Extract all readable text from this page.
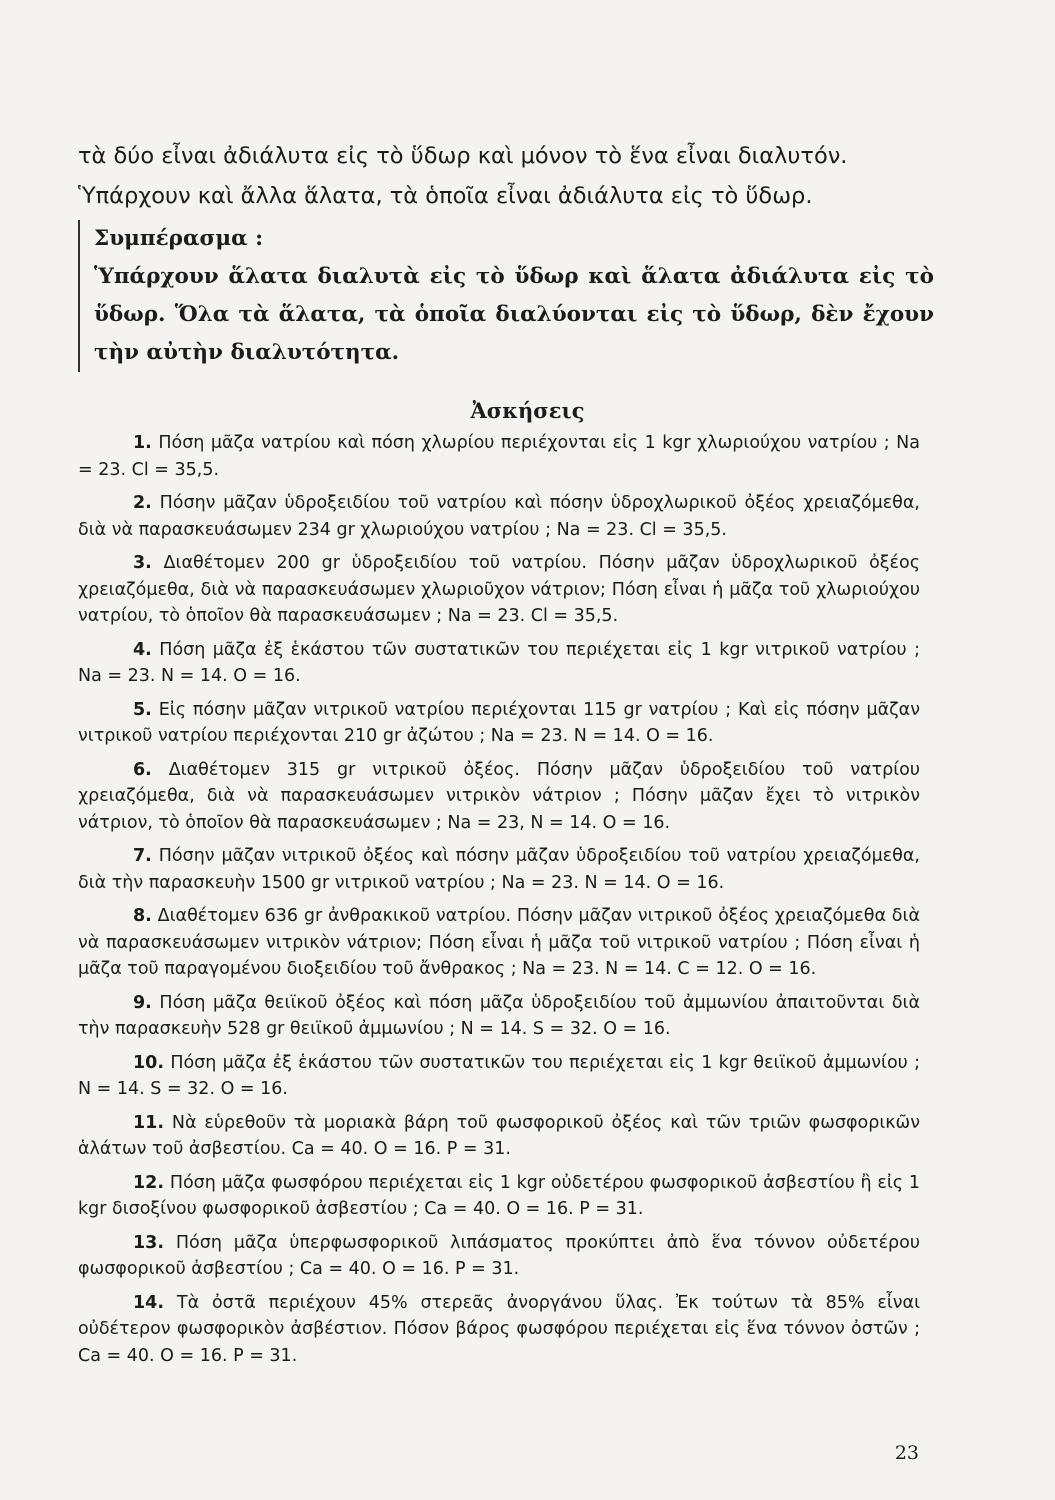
τὰ δύο εἶναι ἀδιάλυτα εἰς τὸ ὕδωρ καὶ μόνον τὸ ἕνα εἶναι διαλυτόν.

Ὑπάρχουν καὶ ἄλλα ἅλατα, τὰ ὁποῖα εἶναι ἀδιάλυτα εἰς τὸ ὕδωρ.

Συμπέρασμα :

Ὑπάρχουν ἅλατα διαλυτὰ εἰς τὸ ὕδωρ καὶ ἅλατα ἀδιάλυτα εἰς τὸ ὕδωρ. Ὅλα τὰ ἅλατα, τὰ ὁποῖα διαλύονται εἰς τὸ ὕδωρ, δὲν ἔχουν τὴν αὐτὴν διαλυτότητα.

Ἀσκήσεις
1. Πόση μᾶζα νατρίου καὶ πόση χλωρίου περιέχονται εἰς 1 kgr χλωριούχου νατρίου ; Na = 23. Cl = 35,5.
2. Πόσην μᾶζαν ὑδροξειδίου τοῦ νατρίου καὶ πόσην ὑδροχλωρικοῦ ὀξέος χρειαζόμεθα, διὰ νὰ παρασκευάσωμεν 234 gr χλωριούχου νατρίου ; Na = 23. Cl = 35,5.
3. Διαθέτομεν 200 gr ὑδροξειδίου τοῦ νατρίου. Πόσην μᾶζαν ὑδροχλωρικοῦ ὀξέος χρειαζόμεθα, διὰ νὰ παρασκευάσωμεν χλωριοῦχον νάτριον; Πόση εἶναι ἡ μᾶζα τοῦ χλωριούχου νατρίου, τὸ ὁποῖον θὰ παρασκευάσωμεν ; Na = 23. Cl = 35,5.
4. Πόση μᾶζα ἐξ ἑκάστου τῶν συστατικῶν του περιέχεται εἰς 1 kgr νιτρικοῦ νατρίου ; Na = 23. N = 14. O = 16.
5. Εἰς πόσην μᾶζαν νιτρικοῦ νατρίου περιέχονται 115 gr νατρίου ; Καὶ εἰς πόσην μᾶζαν νιτρικοῦ νατρίου περιέχονται 210 gr ἀζώτου ; Na = 23. N = 14. O = 16.
6. Διαθέτομεν 315 gr νιτρικοῦ ὀξέος. Πόσην μᾶζαν ὑδροξειδίου τοῦ νατρίου χρειαζόμεθα, διὰ νὰ παρασκευάσωμεν νιτρικὸν νάτριον ; Πόσην μᾶζαν ἔχει τὸ νιτρικὸν νάτριον, τὸ ὁποῖον θὰ παρασκευάσωμεν ; Na = 23, N = 14. O = 16.
7. Πόσην μᾶζαν νιτρικοῦ ὀξέος καὶ πόσην μᾶζαν ὑδροξειδίου τοῦ νατρίου χρειαζόμεθα, διὰ τὴν παρασκευὴν 1500 gr νιτρικοῦ νατρίου ; Na = 23. N = 14. O = 16.
8. Διαθέτομεν 636 gr ἀνθρακικοῦ νατρίου. Πόσην μᾶζαν νιτρικοῦ ὀξέος χρειαζόμεθα διὰ νὰ παρασκευάσωμεν νιτρικὸν νάτριον; Πόση εἶναι ἡ μᾶζα τοῦ νιτρικοῦ νατρίου ; Πόση εἶναι ἡ μᾶζα τοῦ παραγομένου διοξειδίου τοῦ ἄνθρακος ; Na = 23. N = 14. C = 12. O = 16.
9. Πόση μᾶζα θειϊκοῦ ὀξέος καὶ πόση μᾶζα ὑδροξειδίου τοῦ ἀμμωνίου ἀπαιτοῦνται διὰ τὴν παρασκευὴν 528 gr θειϊκοῦ ἀμμωνίου ; N = 14. S = 32. O = 16.
10. Πόση μᾶζα ἐξ ἑκάστου τῶν συστατικῶν του περιέχεται εἰς 1 kgr θειϊκοῦ ἀμμωνίου ; N = 14. S = 32. O = 16.
11. Νὰ εὑρεθοῦν τὰ μοριακὰ βάρη τοῦ φωσφορικοῦ ὀξέος καὶ τῶν τριῶν φωσφορικῶν ἁλάτων τοῦ ἀσβεστίου. Ca = 40. O = 16. P = 31.
12. Πόση μᾶζα φωσφόρου περιέχεται εἰς 1 kgr οὐδετέρου φωσφορικοῦ ἀσβεστίου ἢ εἰς 1 kgr δισοξίνου φωσφορικοῦ ἀσβεστίου ; Ca = 40. O = 16. P = 31.
13. Πόση μᾶζα ὑπερφωσφορικοῦ λιπάσματος προκύπτει ἀπὸ ἕνα τόννον οὐδετέρου φωσφορικοῦ ἀσβεστίου ; Ca = 40. O = 16. P = 31.
14. Τὰ ὀστᾶ περιέχουν 45% στερεᾶς ἀνοργάνου ὕλας. Ἐκ τούτων τὰ 85% εἶναι οὐδέτερον φωσφορικὸν ἀσβέστιον. Πόσον βάρος φωσφόρου περιέχεται εἰς ἕνα τόννον ὀστῶν ; Ca = 40. O = 16. P = 31.

23
